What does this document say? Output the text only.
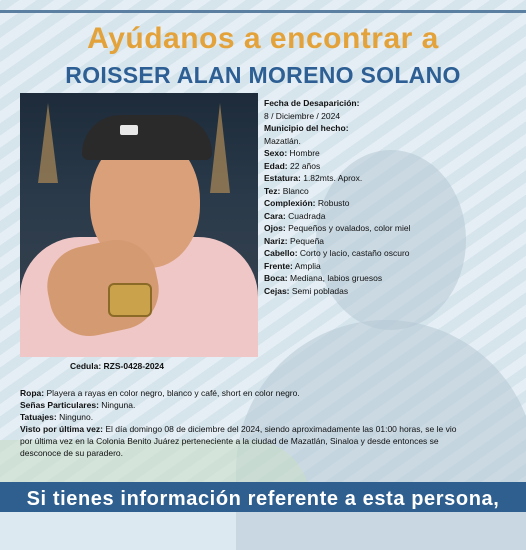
Ayúdanos a encontrar a
ROISSER ALAN MORENO SOLANO
Cedula: RZS-0428-2024
Fecha de Desaparición:
8 / Diciembre / 2024
Municipio del hecho:
Mazatlán.
Sexo: Hombre
Edad: 22 años
Estatura: 1.82mts. Aprox.
Tez: Blanco
Complexión: Robusto
Cara: Cuadrada
Ojos: Pequeños y ovalados, color miel
Nariz: Pequeña
Cabello: Corto y lacio, castaño oscuro
Frente: Amplia
Boca: Mediana, labios gruesos
Cejas: Semi pobladas
Ropa: Playera a rayas en color negro, blanco y café, short en color negro.
Señas Particulares: Ninguna.
Tatuajes: Ninguno.
Visto por última vez: El día domingo 08 de diciembre del 2024, siendo aproximadamente las 01:00 horas, se le vio
por última vez en la Colonia Benito Juárez perteneciente a la ciudad de Mazatlán, Sinaloa y desde entonces se
desconoce de su paradero.
Si tienes información referente a esta persona,
